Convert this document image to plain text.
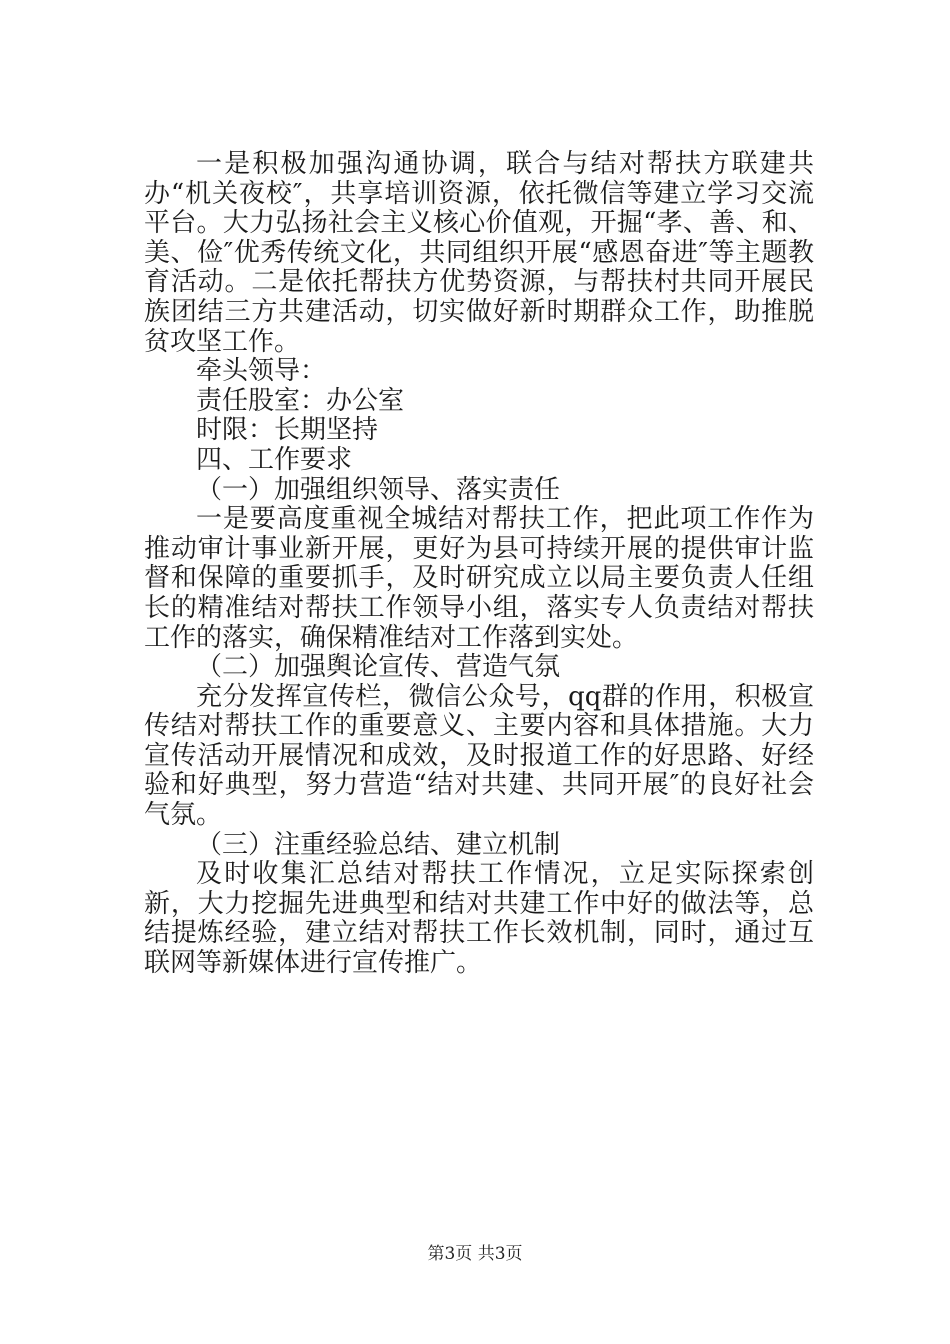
一是积极加强沟通协调，联合与结对帮扶方联建共办“机关夜校″，共享培训资源，依托微信等建立学习交流平台。大力弘扬社会主义核心价值观，开掘“孝、善、和、美、俭″优秀传统文化，共同组织开展“感恩奋进″等主题教育活动。二是依托帮扶方优势资源，与帮扶村共同开展民族团结三方共建活动，切实做好新时期群众工作，助推脱贫攻坚工作。

牵头领导：

责任股室：办公室

时限：长期坚持

四、工作要求

（一）加强组织领导、落实责任

一是要高度重视全城结对帮扶工作，把此项工作作为推动审计事业新开展，更好为县可持续开展的提供审计监督和保障的重要抓手，及时研究成立以局主要负责人任组长的精准结对帮扶工作领导小组，落实专人负责结对帮扶工作的落实，确保精准结对工作落到实处。

（二）加强舆论宣传、营造气氛

充分发挥宣传栏，微信公众号，qq群的作用，积极宣传结对帮扶工作的重要意义、主要内容和具体措施。大力宣传活动开展情况和成效，及时报道工作的好思路、好经验和好典型，努力营造“结对共建、共同开展″的良好社会气氛。

（三）注重经验总结、建立机制

及时收集汇总结对帮扶工作情况，立足实际探索创新，大力挖掘先进典型和结对共建工作中好的做法等，总结提炼经验，建立结对帮扶工作长效机制，同时，通过互联网等新媒体进行宣传推广。

第3页 共3页
